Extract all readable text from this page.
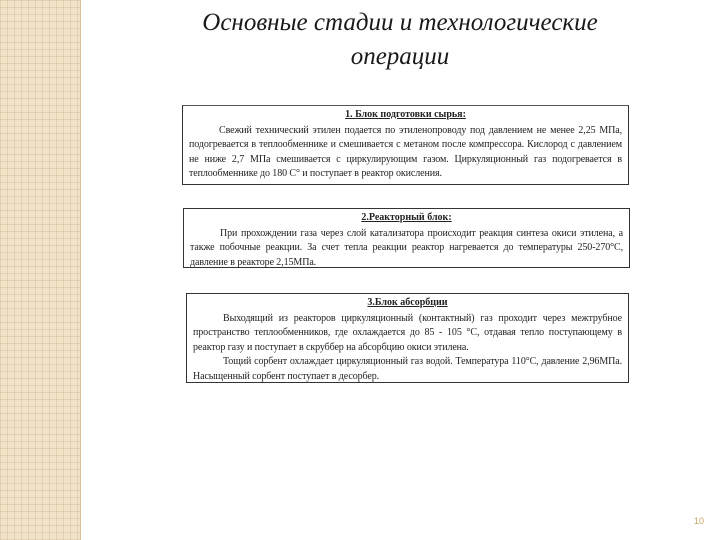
Основные стадии и технологические
операции
1. Блок подготовки сырья:

Свежий технический этилен подается по этиленопроводу под давлением не менее 2,25 МПа, подогревается в теплообменнике и смешивается с метаном после компрессора. Кислород с давлением не ниже 2,7 МПа смешивается с циркулирующим газом. Циркуляционный газ подогревается в теплообменнике до 180 С° и поступает в реактор окисления.

2.Реакторный блок:

При прохождении газа через слой катализатора происходит реакция синтеза окиси этилена, а также побочные реакции. За счет тепла реакции реактор нагревается до температуры 250-270°С, давление в реакторе 2,15МПа.

3.Блок абсорбции

Выходящий из реакторов циркуляционный (контактный) газ проходит через межтрубное пространство теплообменников, где охлаждается до 85 - 105 °С, отдавая тепло поступающему в реактор газу и поступает в скруббер на абсорбцию окиси этилена.

Тощий сорбент охлаждает циркуляционный газ водой. Температура 110°С, давление 2,96МПа. Насыщенный сорбент поступает в десорбер.

10
